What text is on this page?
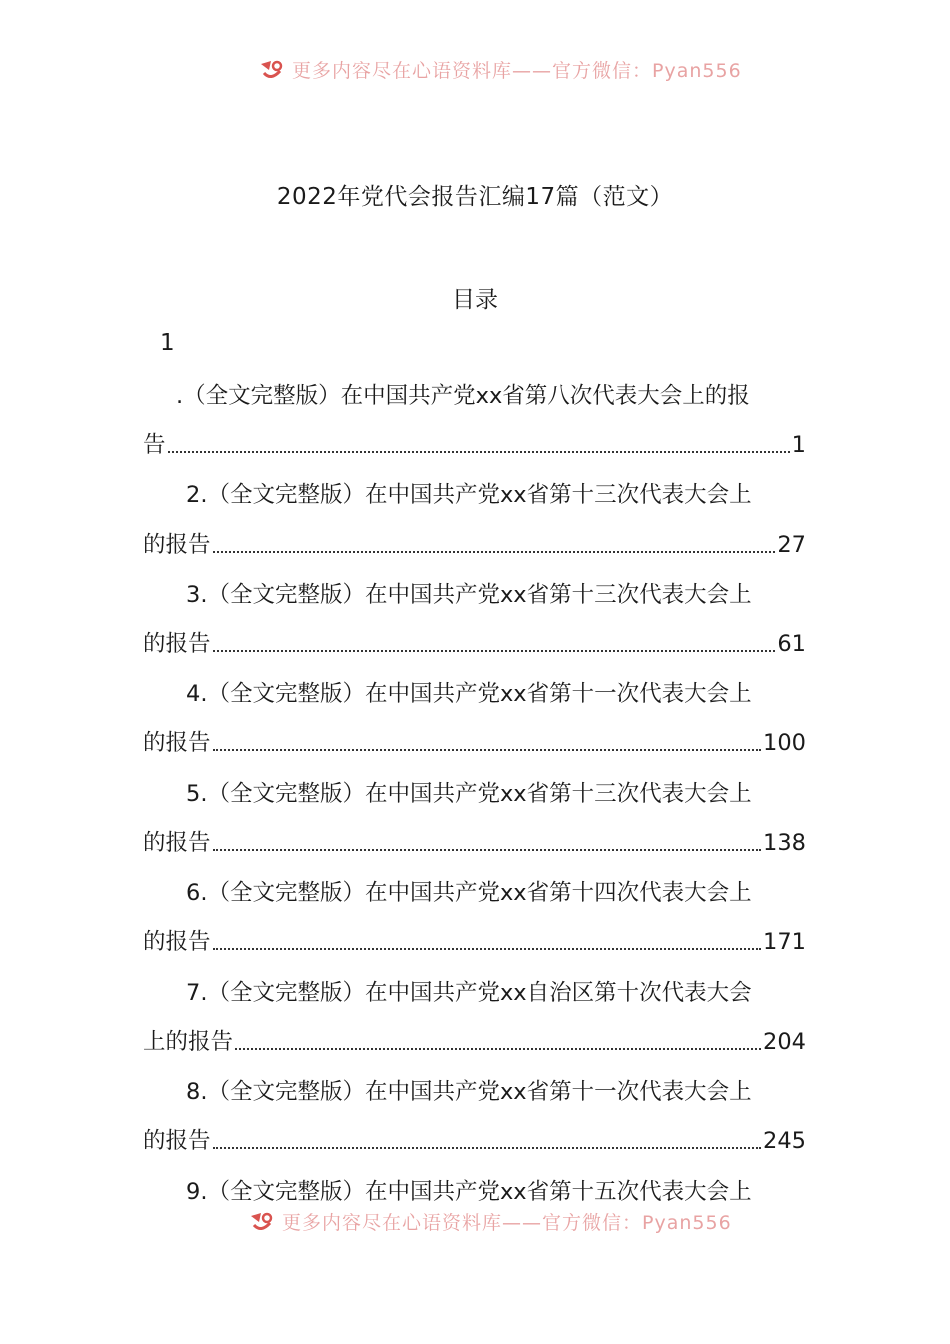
更多内容尽在心语资料库——官方微信：Pyan556
2022年党代会报告汇编17篇（范文）
目录
1
.（全文完整版）在中国共产党xx省第八次代表大会上的报
告	1
2.（全文完整版）在中国共产党xx省第十三次代表大会上
的报告	27
3.（全文完整版）在中国共产党xx省第十三次代表大会上
的报告	61
4.（全文完整版）在中国共产党xx省第十一次代表大会上
的报告	100
5.（全文完整版）在中国共产党xx省第十三次代表大会上
的报告	138
6.（全文完整版）在中国共产党xx省第十四次代表大会上
的报告	171
7.（全文完整版）在中国共产党xx自治区第十次代表大会
上的报告	204
8.（全文完整版）在中国共产党xx省第十一次代表大会上
的报告	245
9.（全文完整版）在中国共产党xx省第十五次代表大会上
更多内容尽在心语资料库——官方微信：Pyan556
